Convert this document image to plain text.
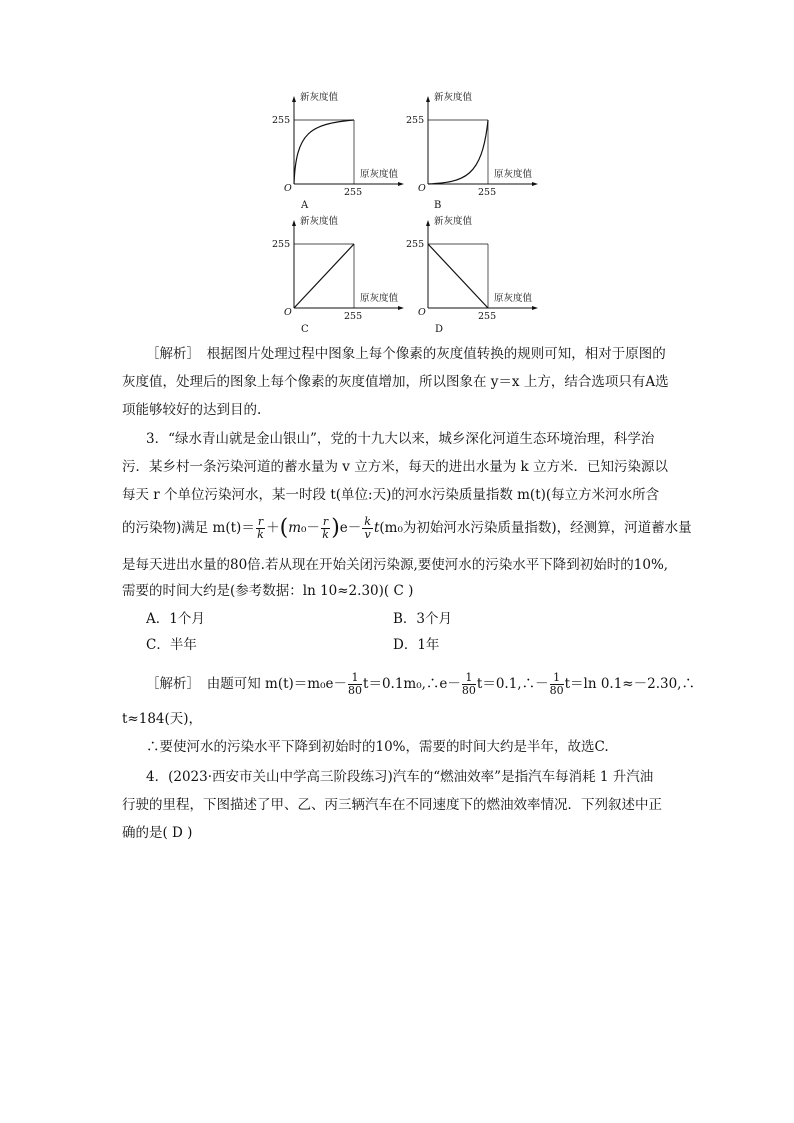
新灰度值
255
原灰度值
255
O
A
新灰度值
255
原灰度值
255
O
B
新灰度值
255
原灰度值
255
O
C
新灰度值
255
原灰度值
255
O
D
［解析］　根据图片处理过程中图象上每个像素的灰度值转换的规则可知，相对于原图的
灰度值，处理后的图象上每个像素的灰度值增加，所以图象在 y＝x 上方，结合选项只有A选
项能够较好的达到目的.
3．“绿水青山就是金山银山”，党的十九大以来，城乡深化河道生态环境治理，科学治
污．某乡村一条污染河道的蓄水量为 v 立方米，每天的进出水量为 k 立方米．已知污染源以
每天 r 个单位污染河水，某一时段 t(单位:天)的河水污染质量指数 m(t)(每立方米河水所含
的污染物)满足 $m(t)= \frac{r}{k} +(m_0- \frac{r}{k} )e- \frac{k}{v} t(m_0$为初始河水污染质量指数)，经测算，河道蓄水量
是每天进出水量的80倍.若从现在开始关闭污染源,要使河水的污染水平下降到初始时的10%,
需要的时间大约是(参考数据：ln 10≈2.30)( C )
A．1个月	B．3个月
C．半年	D．1年
［解析］　由题可知 $m(t)=m_0e- \frac{1}{80}$ t＝0.1m₀,∴e－ $\frac{1}{80}$ t＝0.1,∴－ $\frac{1}{80} t=\ln$ 0.1≈－2.30,∴
t≈184(天)，
∴要使河水的污染水平下降到初始时的10%，需要的时间大约是半年，故选C.
4．(2023·西安市关山中学高三阶段练习)汽车的“燃油效率”是指汽车每消耗 1 升汽油
行驶的里程，下图描述了甲、乙、丙三辆汽车在不同速度下的燃油效率情况．下列叙述中正
确的是( D )
